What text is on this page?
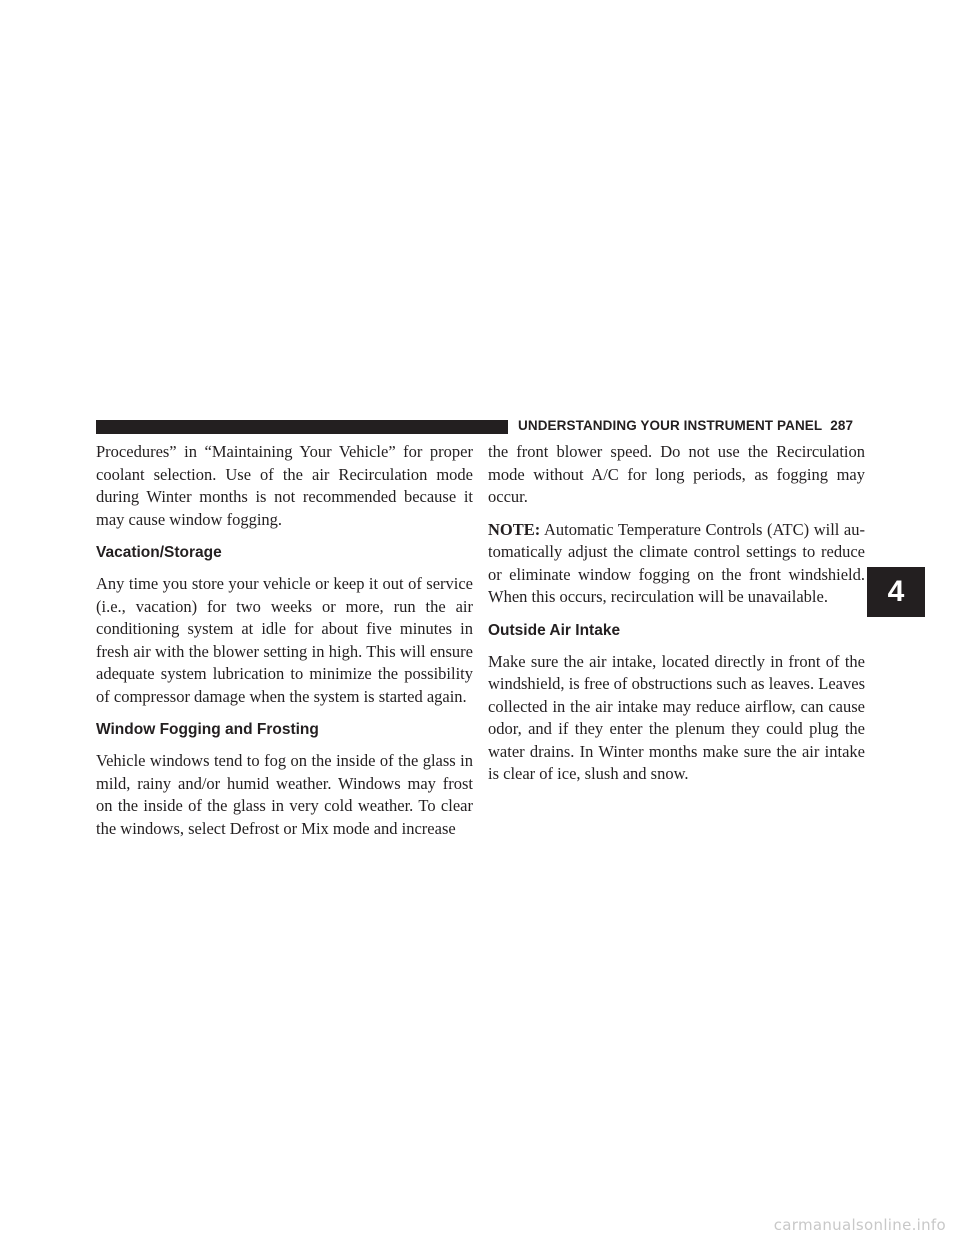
UNDERSTANDING YOUR INSTRUMENT PANEL 287

Procedures” in “Maintaining Your Vehicle” for proper coolant selection. Use of the air Recirculation mode during Winter months is not recommended because it may cause window fogging.

Vacation/Storage

Any time you store your vehicle or keep it out of service (i.e., vacation) for two weeks or more, run the air conditioning system at idle for about five minutes in fresh air with the blower setting in high. This will ensure adequate system lubrication to minimize the possibility of compressor damage when the system is started again.

Window Fogging and Frosting

Vehicle windows tend to fog on the inside of the glass in mild, rainy and/or humid weather. Windows may frost on the inside of the glass in very cold weather. To clear the windows, select Defrost or Mix mode and increase

the front blower speed. Do not use the Recirculation mode without A/C for long periods, as fogging may occur.

NOTE: Automatic Temperature Controls (ATC) will automatically adjust the climate control settings to reduce or eliminate window fogging on the front windshield. When this occurs, recirculation will be unavailable.

Outside Air Intake

Make sure the air intake, located directly in front of the windshield, is free of obstructions such as leaves. Leaves collected in the air intake may reduce airflow, can cause odor, and if they enter the plenum they could plug the water drains. In Winter months make sure the air intake is clear of ice, slush and snow.

4
carmanualsonline.info
